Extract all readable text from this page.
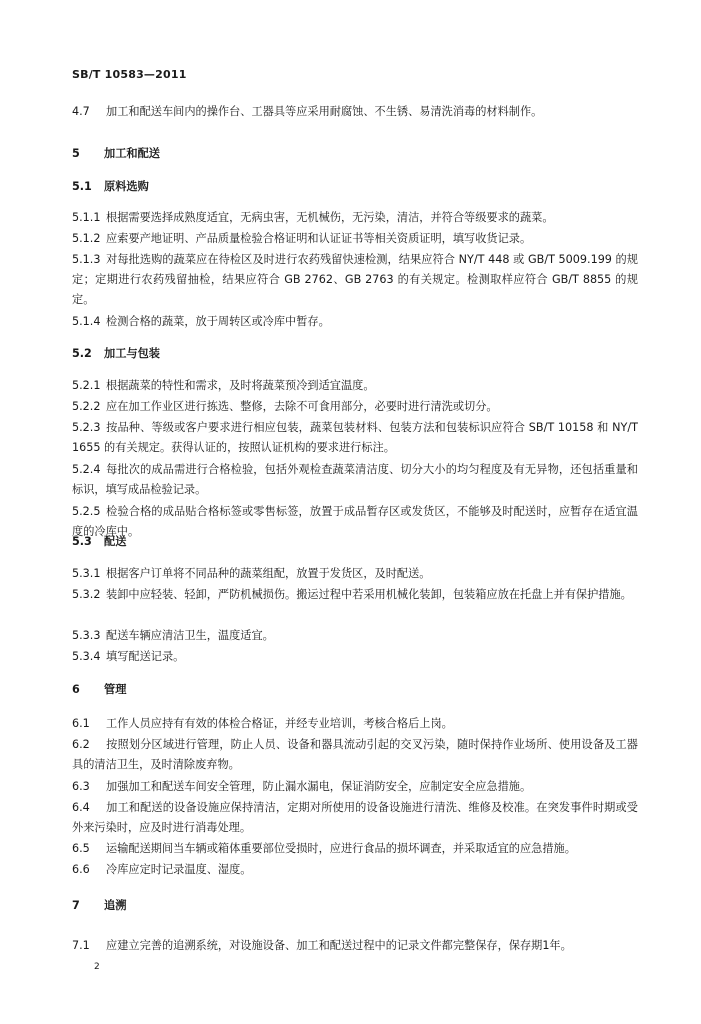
SB/T 10583—2011
4.7 加工和配送车间内的操作台、工器具等应采用耐腐蚀、不生锈、易清洗消毒的材料制作。
5 加工和配送
5.1 原料选购
5.1.1 根据需要选择成熟度适宜，无病虫害，无机械伤，无污染，清洁，并符合等级要求的蔬菜。
5.1.2 应索要产地证明、产品质量检验合格证明和认证证书等相关资质证明，填写收货记录。
5.1.3 对每批选购的蔬菜应在待检区及时进行农药残留快速检测，结果应符合 NY/T 448 或 GB/T 5009.199 的规定；定期进行农药残留抽检，结果应符合 GB 2762、GB 2763 的有关规定。检测取样应符合 GB/T 8855 的规定。
5.1.4 检测合格的蔬菜，放于周转区或冷库中暂存。
5.2 加工与包装
5.2.1 根据蔬菜的特性和需求，及时将蔬菜预冷到适宜温度。
5.2.2 应在加工作业区进行拣选、整修，去除不可食用部分，必要时进行清洗或切分。
5.2.3 按品种、等级或客户要求进行相应包装，蔬菜包装材料、包装方法和包装标识应符合 SB/T 10158 和 NY/T 1655 的有关规定。获得认证的，按照认证机构的要求进行标注。
5.2.4 每批次的成品需进行合格检验，包括外观检查蔬菜清洁度、切分大小的均匀程度及有无异物，还包括重量和标识，填写成品检验记录。
5.2.5 检验合格的成品贴合格标签或零售标签，放置于成品暂存区或发货区，不能够及时配送时，应暂存在适宜温度的冷库中。
5.3 配送
5.3.1 根据客户订单将不同品种的蔬菜组配，放置于发货区，及时配送。
5.3.2 装卸中应轻装、轻卸，严防机械损伤。搬运过程中若采用机械化装卸，包装箱应放在托盘上并有保护措施。
5.3.3 配送车辆应清洁卫生，温度适宜。
5.3.4 填写配送记录。
6 管理
6.1 工作人员应持有有效的体检合格证，并经专业培训，考核合格后上岗。
6.2 按照划分区域进行管理，防止人员、设备和器具流动引起的交叉污染，随时保持作业场所、使用设备及工器具的清洁卫生，及时清除废弃物。
6.3 加强加工和配送车间安全管理，防止漏水漏电，保证消防安全，应制定安全应急措施。
6.4 加工和配送的设备设施应保持清洁，定期对所使用的设备设施进行清洗、维修及校准。在突发事件时期或受外来污染时，应及时进行消毒处理。
6.5 运输配送期间当车辆或箱体重要部位受损时，应进行食品的损坏调查，并采取适宜的应急措施。
6.6 冷库应定时记录温度、湿度。
7 追溯
7.1 应建立完善的追溯系统，对设施设备、加工和配送过程中的记录文件都完整保存，保存期1年。
2
